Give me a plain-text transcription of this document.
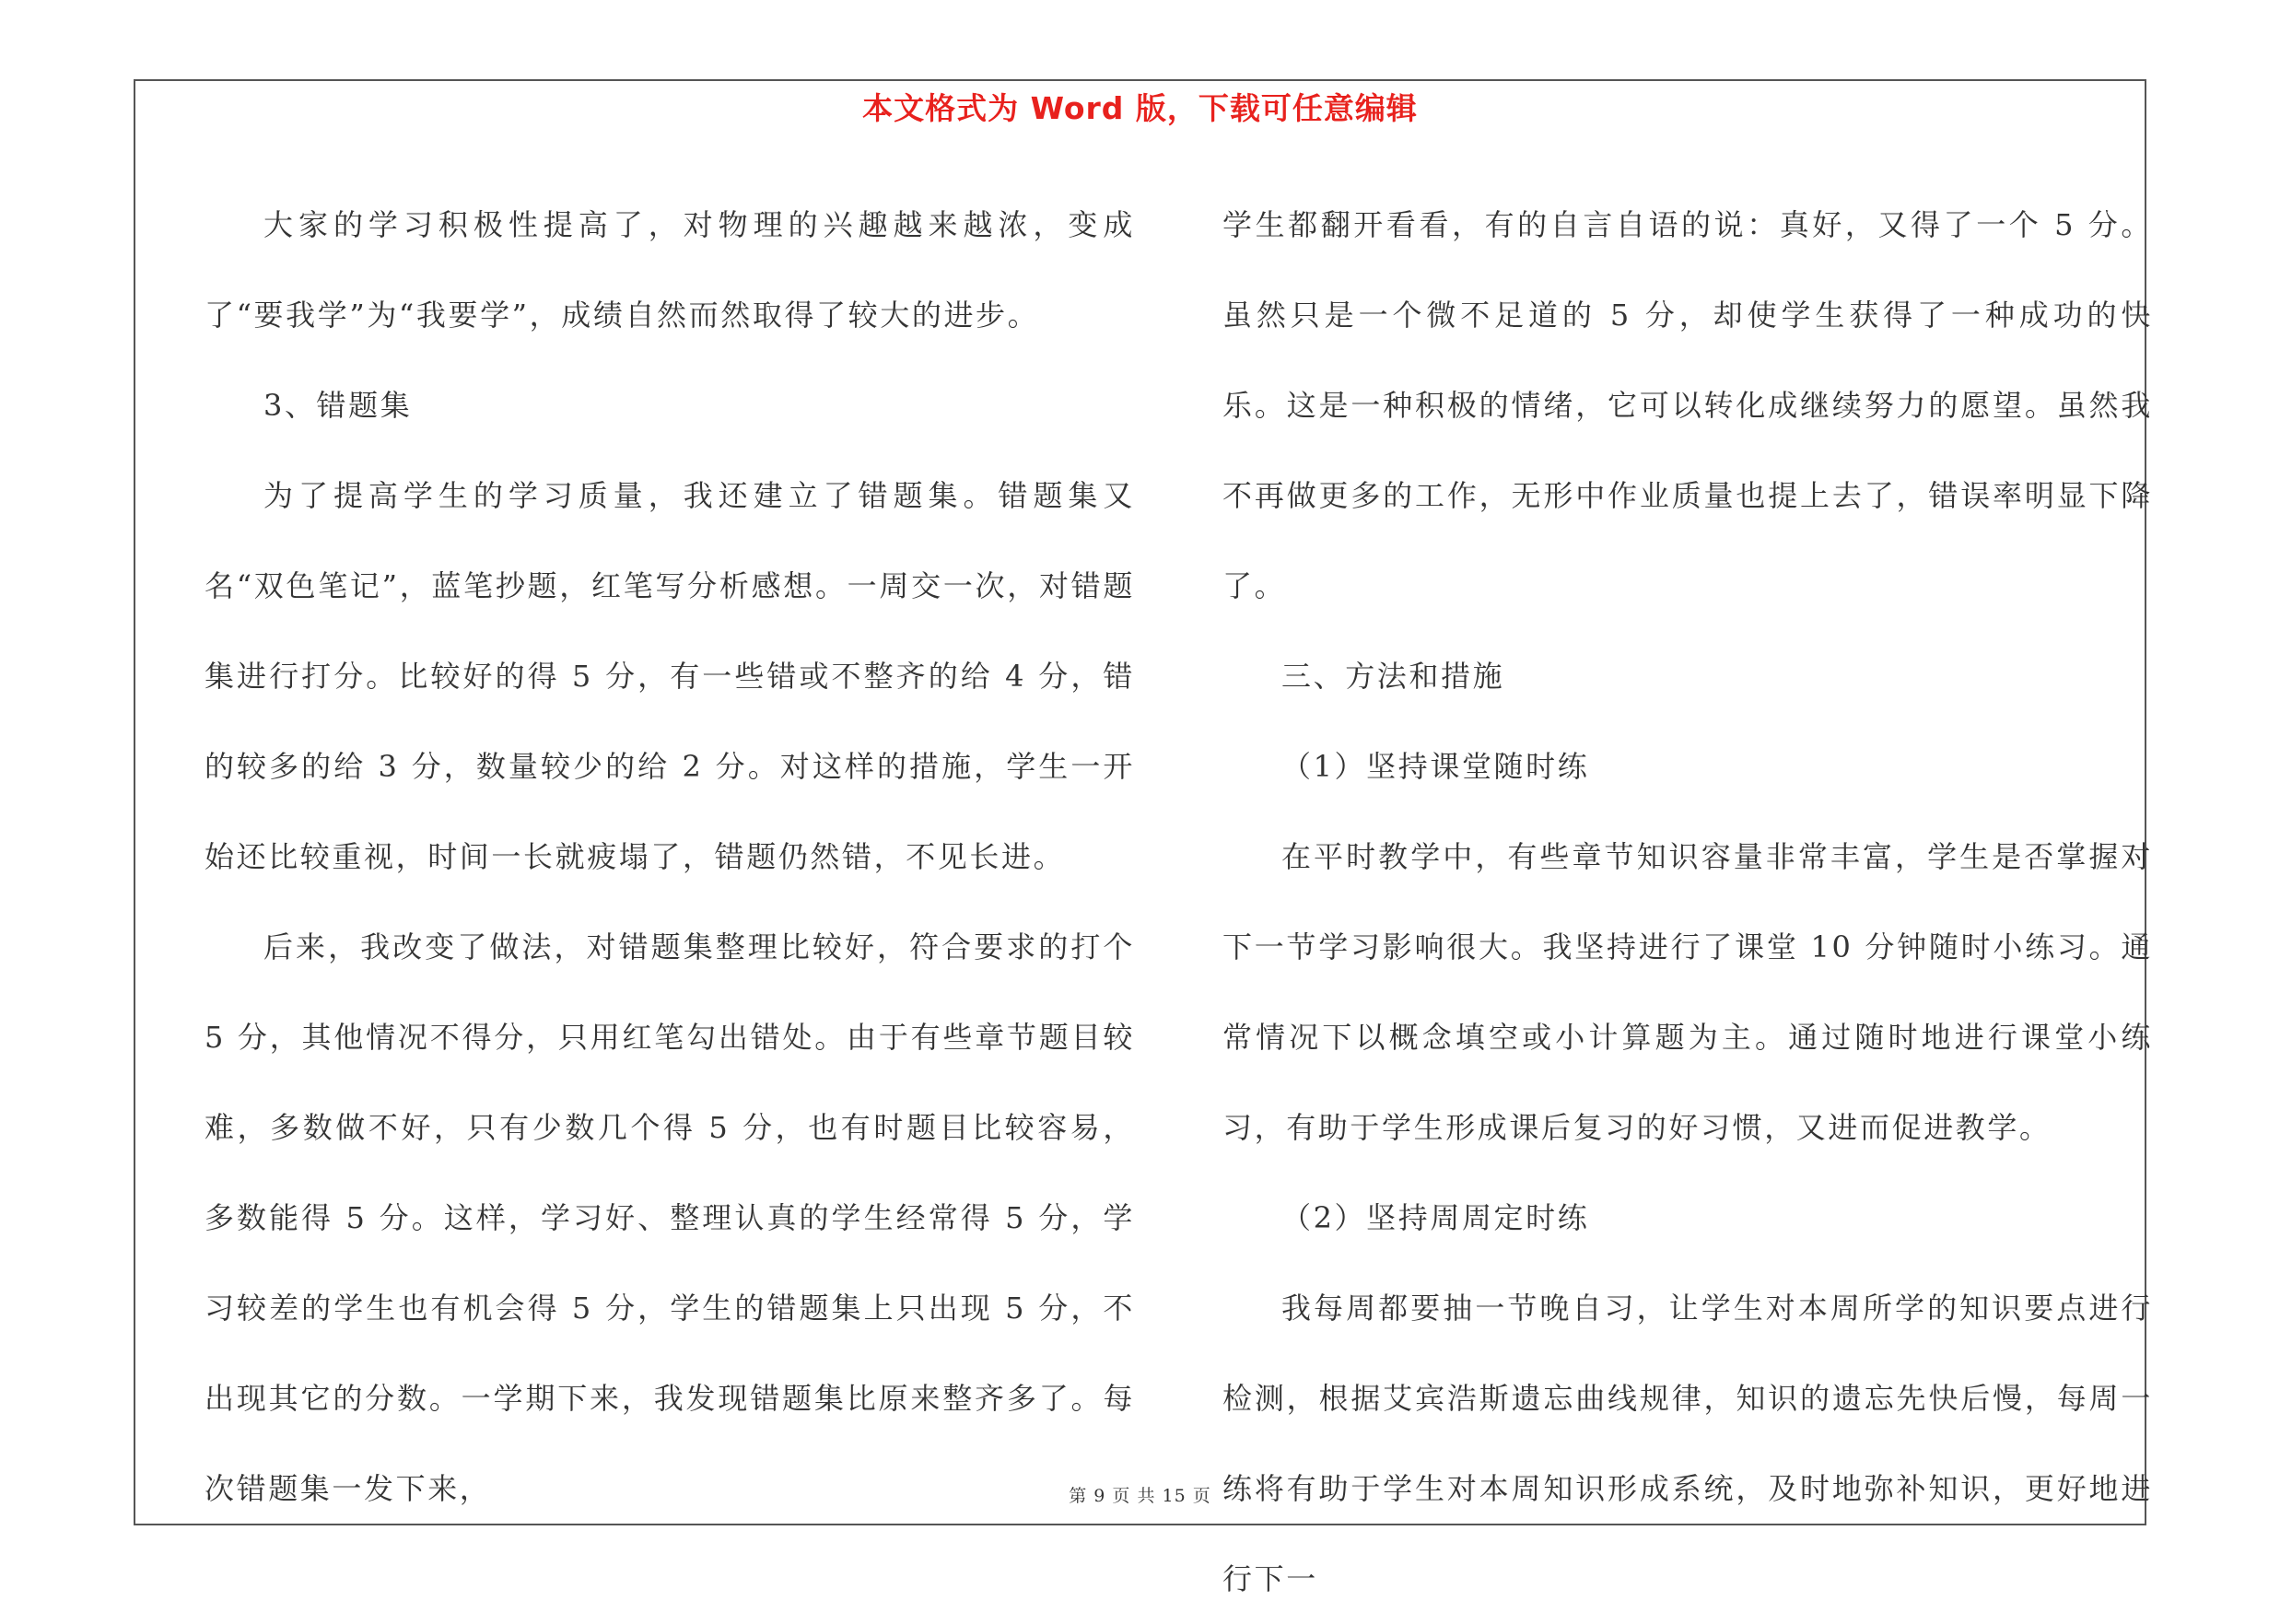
本文格式为 Word 版，下载可任意编辑

大家的学习积极性提高了，对物理的兴趣越来越浓，变成了“要我学”为“我要学”，成绩自然而然取得了较大的进步。

3、错题集

为了提高学生的学习质量，我还建立了错题集。错题集又名“双色笔记”，蓝笔抄题，红笔写分析感想。一周交一次，对错题集进行打分。比较好的得 5 分，有一些错或不整齐的给 4 分，错的较多的给 3 分，数量较少的给 2 分。对这样的措施，学生一开始还比较重视，时间一长就疲塌了，错题仍然错，不见长进。

后来，我改变了做法，对错题集整理比较好，符合要求的打个 5 分，其他情况不得分，只用红笔勾出错处。由于有些章节题目较难，多数做不好，只有少数几个得 5 分，也有时题目比较容易，多数能得 5 分。这样，学习好、整理认真的学生经常得 5 分，学习较差的学生也有机会得 5 分，学生的错题集上只出现 5 分，不出现其它的分数。一学期下来，我发现错题集比原来整齐多了。每次错题集一发下来，

学生都翻开看看，有的自言自语的说：真好，又得了一个 5 分。虽然只是一个微不足道的 5 分，却使学生获得了一种成功的快乐。这是一种积极的情绪，它可以转化成继续努力的愿望。虽然我不再做更多的工作，无形中作业质量也提上去了，错误率明显下降了。

三、方法和措施

（1）坚持课堂随时练

在平时教学中，有些章节知识容量非常丰富，学生是否掌握对下一节学习影响很大。我坚持进行了课堂 10 分钟随时小练习。通常情况下以概念填空或小计算题为主。通过随时地进行课堂小练习，有助于学生形成课后复习的好习惯，又进而促进教学。

（2）坚持周周定时练

我每周都要抽一节晚自习，让学生对本周所学的知识要点进行检测，根据艾宾浩斯遗忘曲线规律，知识的遗忘先快后慢，每周一练将有助于学生对本周知识形成系统，及时地弥补知识，更好地进行下一

第 9 页 共 15 页
